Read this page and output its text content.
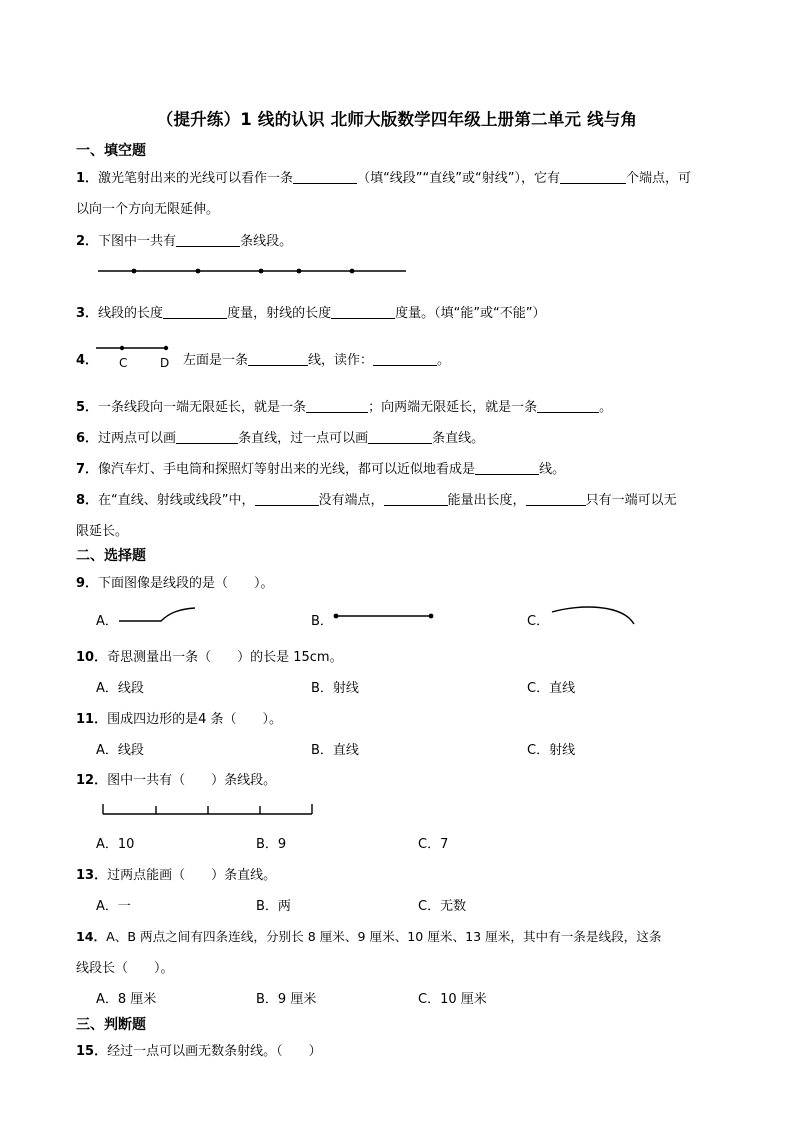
（提升练）1 线的认识 北师大版数学四年级上册第二单元 线与角
一、填空题
1．激光笔射出来的光线可以看作一条	（填“线段”“直线”或“射线”），它有	个端点，可
以向一个方向无限延伸。
2．下图中一共有	条线段。
3．线段的长度	度量，射线的长度	度量。（填“能”或“不能”）
4．	C	D 左面是一条	线，读作：	。
5．一条线段向一端无限延长，就是一条	；向两端无限延长，就是一条	。
6．过两点可以画	条直线，过一点可以画	条直线。
7．像汽车灯、手电筒和探照灯等射出来的光线，都可以近似地看成是	线。
8．在“直线、射线或线段”中，	没有端点，	能量出长度，	只有一端可以无
限延长。
二、选择题
9．下面图像是线段的是（　　）。
A．	B．	C．
10．奇思测量出一条（　　）的长是 15cm。
A．线段	B．射线	C．直线
11．围成四边形的是4 条（　　）。
A．线段	B．直线	C．射线
12．图中一共有（　　）条线段。
A．10	B．9	C．7
13．过两点能画（　　）条直线。
A．一	B．两	C．无数
14．A、B 两点之间有四条连线，分别长 8 厘米、9 厘米、10 厘米、13 厘米，其中有一条是线段，这条
线段长（　　）。
A．8 厘米	B．9 厘米	C．10 厘米
三、判断题
15．经过一点可以画无数条射线。（　　）
